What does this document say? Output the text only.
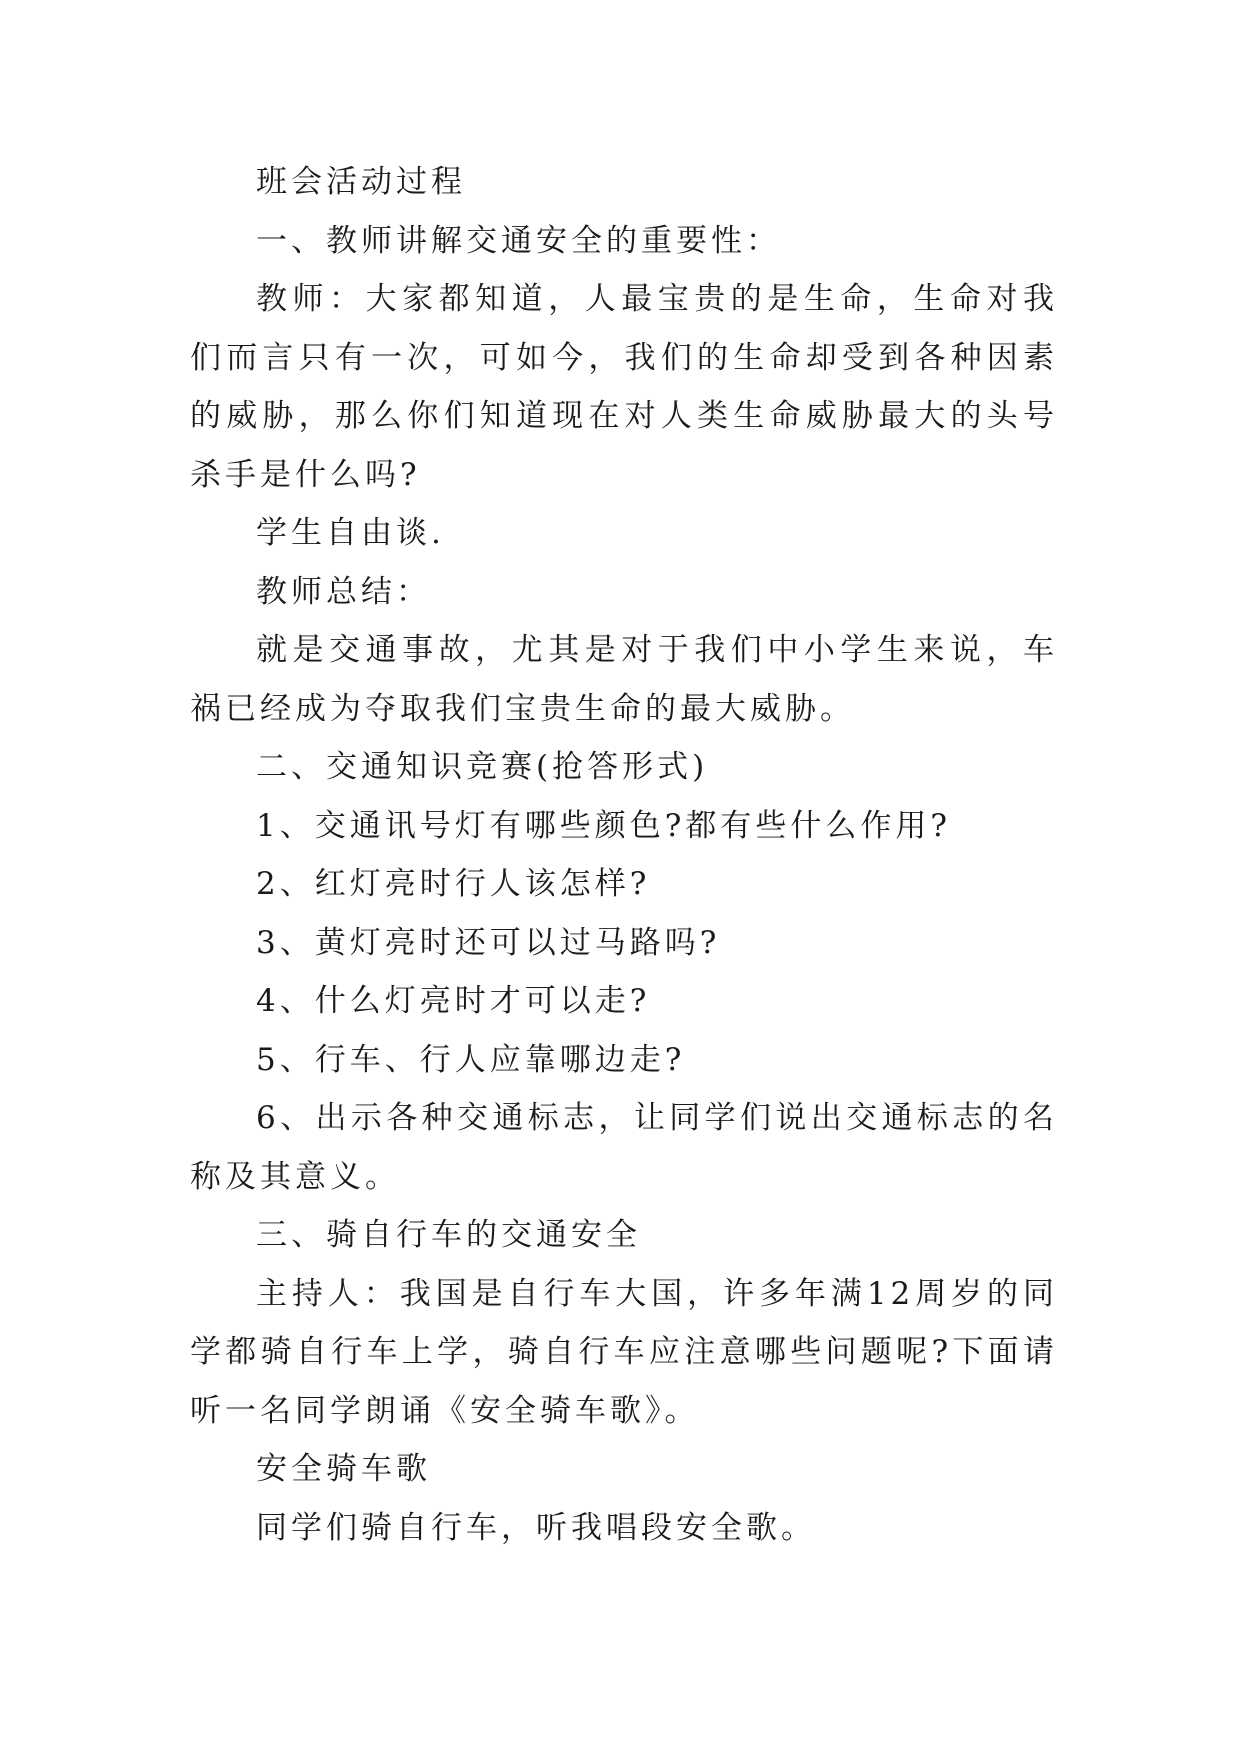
班会活动过程

一、教师讲解交通安全的重要性：

教师：大家都知道，人最宝贵的是生命，生命对我们而言只有一次，可如今，我们的生命却受到各种因素的威胁，那么你们知道现在对人类生命威胁最大的头号杀手是什么吗?

学生自由谈.

教师总结：

就是交通事故，尤其是对于我们中小学生来说，车祸已经成为夺取我们宝贵生命的最大威胁。

二、交通知识竞赛(抢答形式)

1、交通讯号灯有哪些颜色?都有些什么作用?

2、红灯亮时行人该怎样?

3、黄灯亮时还可以过马路吗?

4、什么灯亮时才可以走?

5、行车、行人应靠哪边走?

6、出示各种交通标志，让同学们说出交通标志的名称及其意义。

三、骑自行车的交通安全

主持人：我国是自行车大国，许多年满12周岁的同学都骑自行车上学，骑自行车应注意哪些问题呢?下面请听一名同学朗诵《安全骑车歌》。

安全骑车歌

同学们骑自行车，听我唱段安全歌。
